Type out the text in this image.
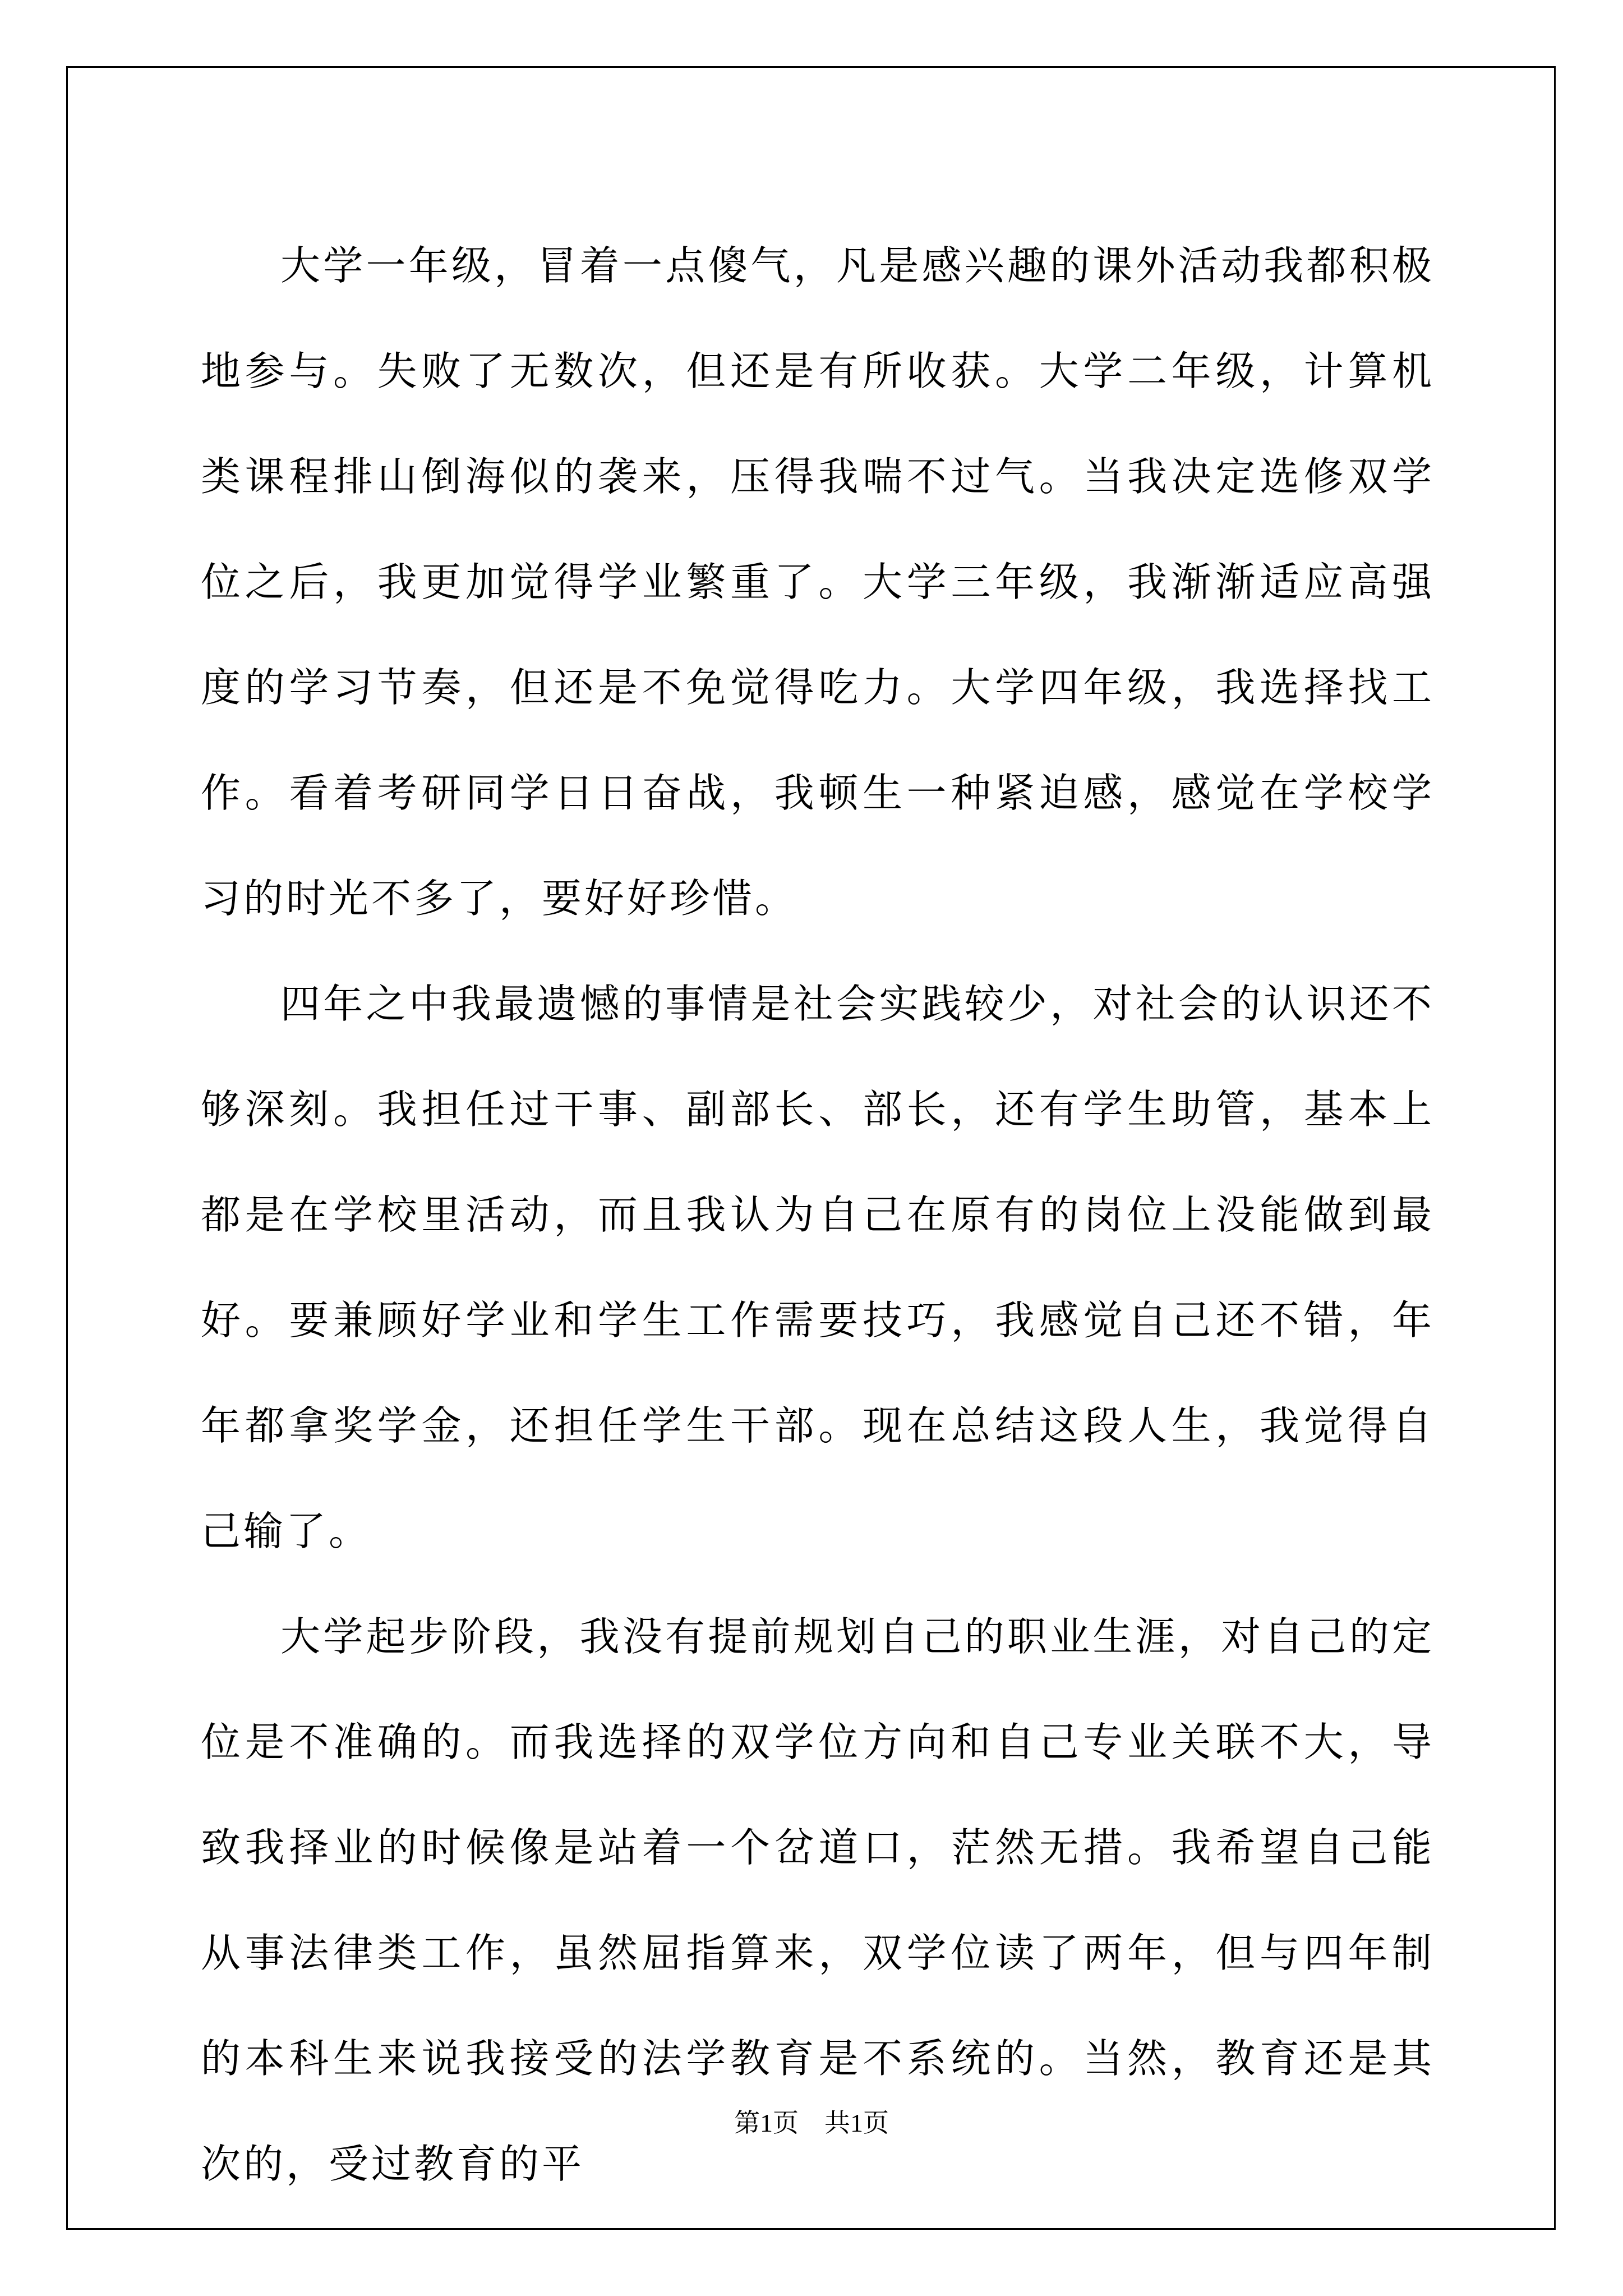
大学一年级，冒着一点傻气，凡是感兴趣的课外活动我都积极地参与。失败了无数次，但还是有所收获。大学二年级，计算机类课程排山倒海似的袭来，压得我喘不过气。当我决定选修双学位之后，我更加觉得学业繁重了。大学三年级，我渐渐适应高强度的学习节奏，但还是不免觉得吃力。大学四年级，我选择找工作。看着考研同学日日奋战，我顿生一种紧迫感，感觉在学校学习的时光不多了，要好好珍惜。

四年之中我最遗憾的事情是社会实践较少，对社会的认识还不够深刻。我担任过干事、副部长、部长，还有学生助管，基本上都是在学校里活动，而且我认为自己在原有的岗位上没能做到最好。要兼顾好学业和学生工作需要技巧，我感觉自己还不错，年年都拿奖学金，还担任学生干部。现在总结这段人生，我觉得自己输了。

大学起步阶段，我没有提前规划自己的职业生涯，对自己的定位是不准确的。而我选择的双学位方向和自己专业关联不大，导致我择业的时候像是站着一个岔道口，茫然无措。我希望自己能从事法律类工作，虽然屈指算来，双学位读了两年，但与四年制的本科生来说我接受的法学教育是不系统的。当然，教育还是其次的，受过教育的平

第1页　 共1页
